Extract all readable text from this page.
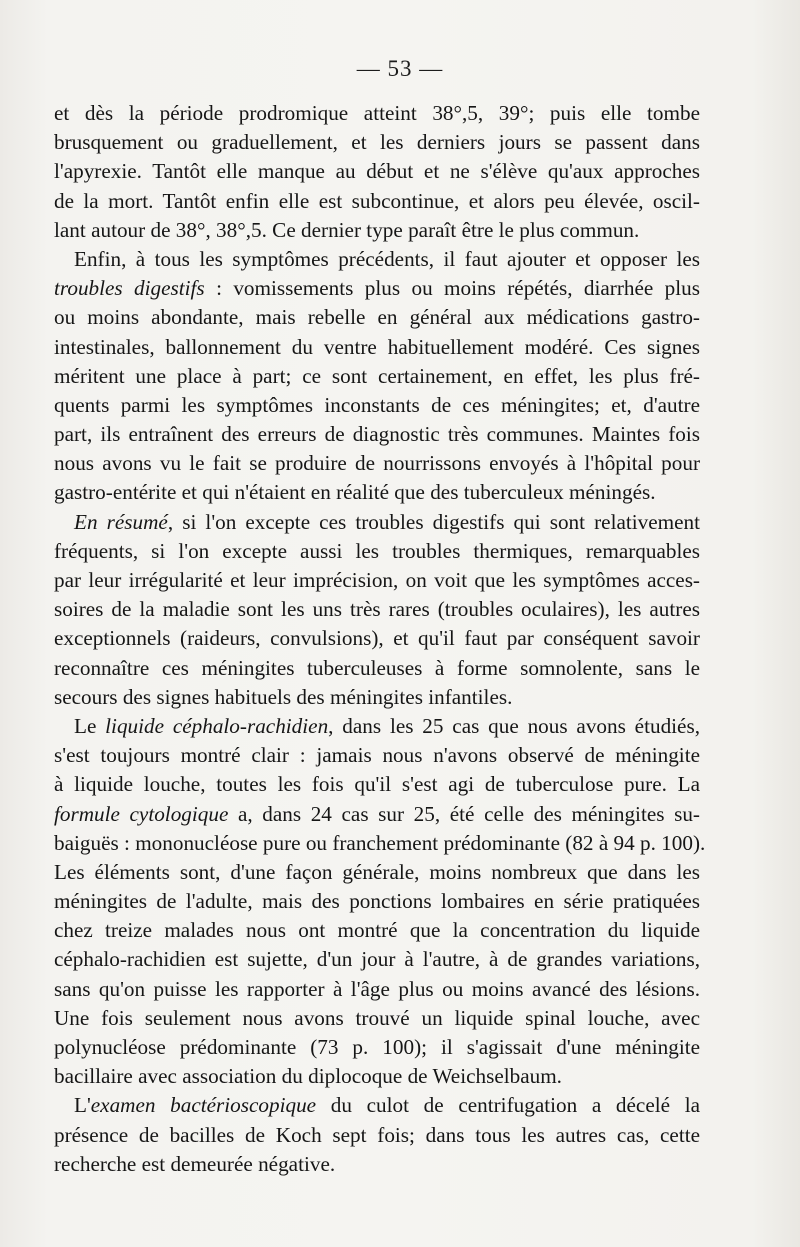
— 53 —
et dès la période prodromique atteint 38°,5, 39°; puis elle tombe
brusquement ou graduellement, et les derniers jours se passent dans
l'apyrexie. Tantôt elle manque au début et ne s'élève qu'aux approches
de la mort. Tantôt enfin elle est subcontinue, et alors peu élevée, oscil-
lant autour de 38°, 38°,5. Ce dernier type paraît être le plus commun.
Enfin, à tous les symptômes précédents, il faut ajouter et opposer les
troubles digestifs : vomissements plus ou moins répétés, diarrhée plus
ou moins abondante, mais rebelle en général aux médications gastro-
intestinales, ballonnement du ventre habituellement modéré. Ces signes
méritent une place à part; ce sont certainement, en effet, les plus fré-
quents parmi les symptômes inconstants de ces méningites; et, d'autre
part, ils entraînent des erreurs de diagnostic très communes. Maintes fois
nous avons vu le fait se produire de nourrissons envoyés à l'hôpital pour
gastro-entérite et qui n'étaient en réalité que des tuberculeux méningés.
En résumé, si l'on excepte ces troubles digestifs qui sont relativement
fréquents, si l'on excepte aussi les troubles thermiques, remarquables
par leur irrégularité et leur imprécision, on voit que les symptômes acces-
soires de la maladie sont les uns très rares (troubles oculaires), les autres
exceptionnels (raideurs, convulsions), et qu'il faut par conséquent savoir
reconnaître ces méningites tuberculeuses à forme somnolente, sans le
secours des signes habituels des méningites infantiles.
Le liquide céphalo-rachidien, dans les 25 cas que nous avons étudiés,
s'est toujours montré clair : jamais nous n'avons observé de méningite
à liquide louche, toutes les fois qu'il s'est agi de tuberculose pure. La
formule cytologique a, dans 24 cas sur 25, été celle des méningites su-
baiguës : mononucléose pure ou franchement prédominante (82 à 94 p. 100).
Les éléments sont, d'une façon générale, moins nombreux que dans les
méningites de l'adulte, mais des ponctions lombaires en série pratiquées
chez treize malades nous ont montré que la concentration du liquide
céphalo-rachidien est sujette, d'un jour à l'autre, à de grandes variations,
sans qu'on puisse les rapporter à l'âge plus ou moins avancé des lésions.
Une fois seulement nous avons trouvé un liquide spinal louche, avec
polynucléose prédominante (73 p. 100); il s'agissait d'une méningite
bacillaire avec association du diplocoque de Weichselbaum.
L'examen bactérioscopique du culot de centrifugation a décelé la
présence de bacilles de Koch sept fois; dans tous les autres cas, cette
recherche est demeurée négative.
